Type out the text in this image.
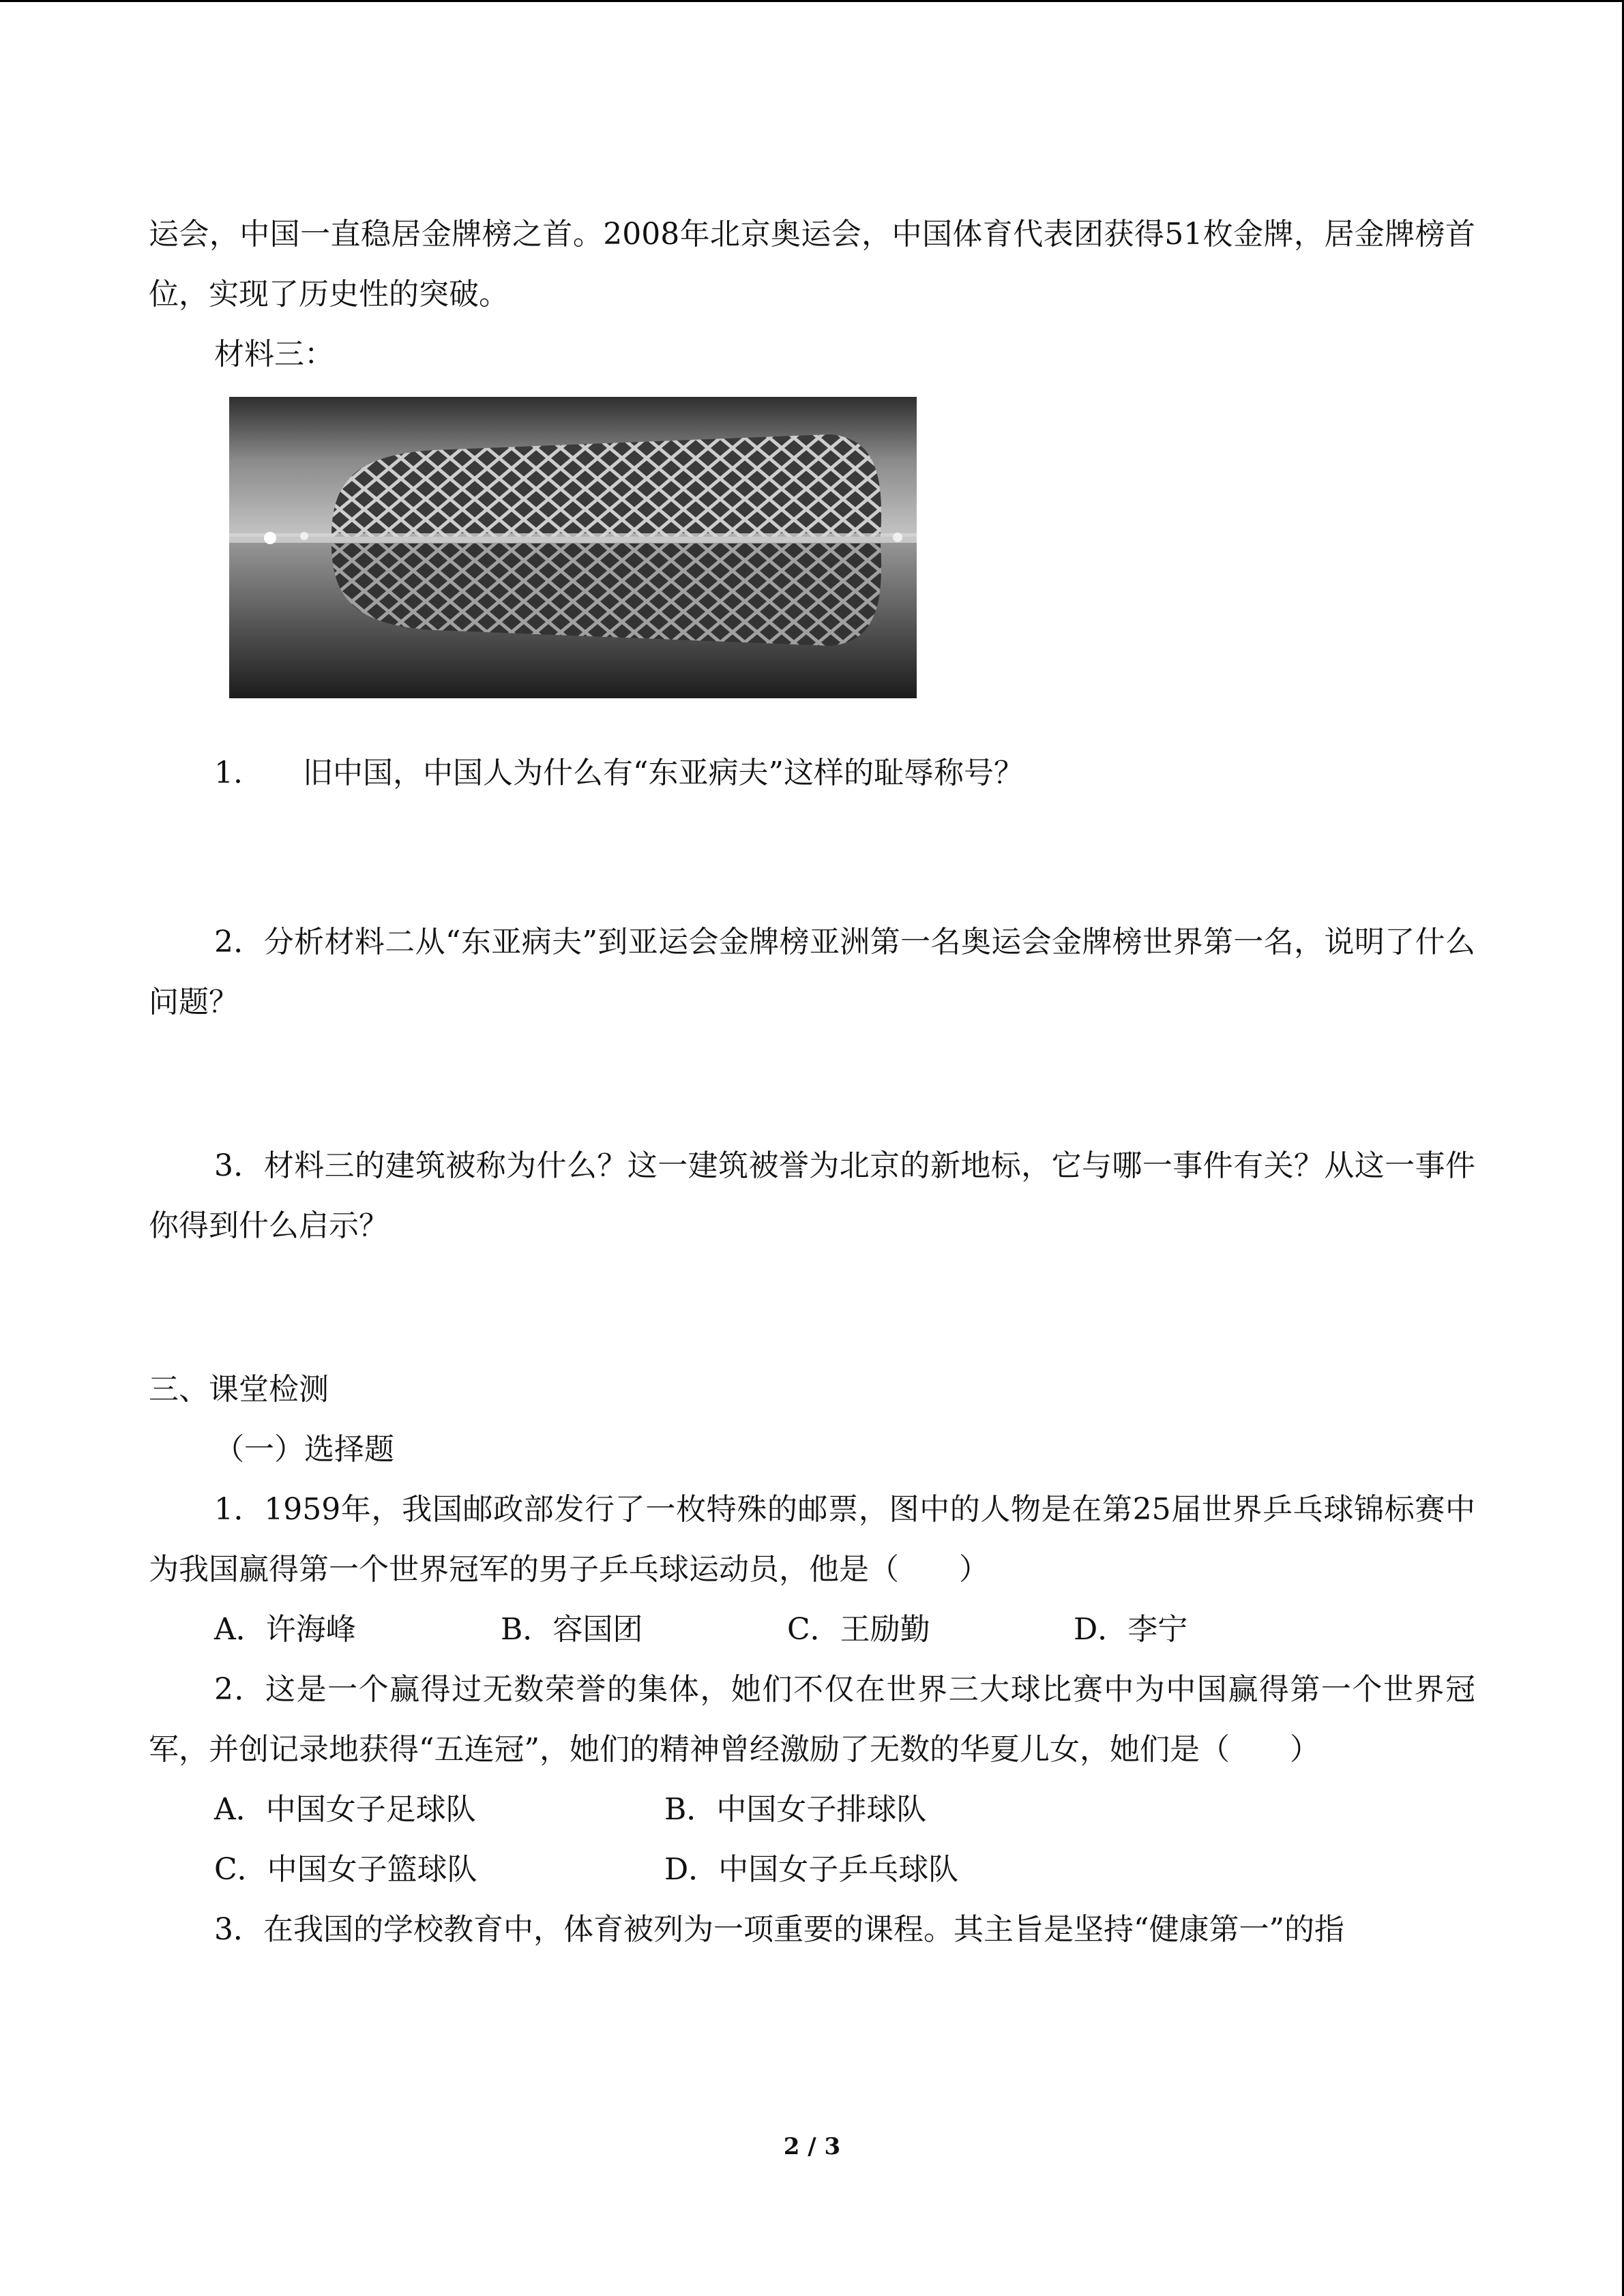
运会，中国一直稳居金牌榜之首。2008年北京奥运会，中国体育代表团获得51枚金牌，居金牌榜首位，实现了历史性的突破。

材料三：

1.　　旧中国，中国人为什么有“东亚病夫”这样的耻辱称号？

2．分析材料二从“东亚病夫”到亚运会金牌榜亚洲第一名奥运会金牌榜世界第一名，说明了什么问题？

3．材料三的建筑被称为什么？这一建筑被誉为北京的新地标，它与哪一事件有关？从这一事件你得到什么启示？

三、课堂检测

（一）选择题

1．1959年，我国邮政部发行了一枚特殊的邮票，图中的人物是在第25届世界乒乓球锦标赛中为我国赢得第一个世界冠军的男子乒乓球运动员，他是（　　）

A．许海峰	B．容国团	C．王励勤	D．李宁

2．这是一个赢得过无数荣誉的集体，她们不仅在世界三大球比赛中为中国赢得第一个世界冠军，并创记录地获得“五连冠”，她们的精神曾经激励了无数的华夏儿女，她们是（　　）

A．中国女子足球队	B．中国女子排球队
C．中国女子篮球队	D．中国女子乒乓球队

3．在我国的学校教育中，体育被列为一项重要的课程。其主旨是坚持“健康第一”的指

2 / 3
